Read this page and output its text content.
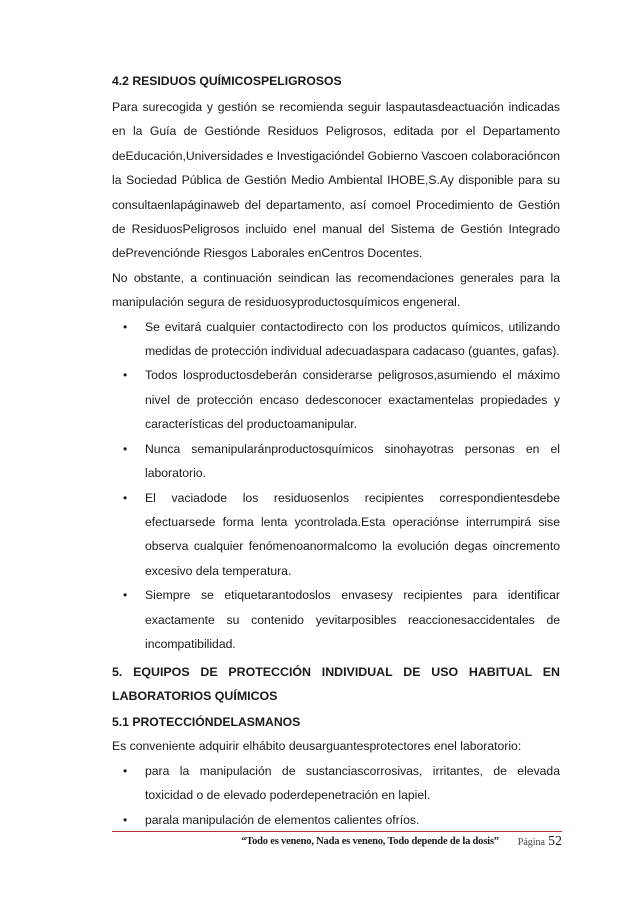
4.2 RESIDUOS QUÍMICOSPELIGROSOS

Para surecogida y gestión se recomienda seguir laspautasdeactuación indicadas en la Guía de Gestiónde Residuos Peligrosos, editada por el Departamento deEducación,Universidades e Investigacióndel Gobierno Vascoen colaboracióncon la Sociedad Pública de Gestión Medio Ambiental IHOBE,S.Ay disponible para su consultaenlapáginaweb del departamento, así comoel Procedimiento de Gestión de ResiduosPeligrosos incluido enel manual del Sistema de Gestión Integrado dePrevenciónde Riesgos Laborales enCentros Docentes.

No obstante, a continuación seindican las recomendaciones generales para la manipulación segura de residuosyproductosquímicos engeneral.

• Se evitará cualquier contactodirecto con los productos químicos, utilizando medidas de protección individual adecuadaspara cadacaso (guantes, gafas).
• Todos losproductosdeberán considerarse peligrosos,asumiendo el máximo nivel de protección encaso dedesconocer exactamentelas propiedades y características del productoamanipular.
• Nunca semanipularánproductosquímicos sinohayotras personas en el laboratorio.
• El vaciadode los residuosenlos recipientes correspondientesdebe efectuarsede forma lenta ycontrolada.Esta operaciónse interrumpirá sise observa cualquier fenómenoanormalcomo la evolución degas oincremento excesivo dela temperatura.
• Siempre se etiquetarantodoslos envasesy recipientes para identificar exactamente su contenido yevitarposibles reaccionesaccidentales de incompatibilidad.

5. EQUIPOS DE PROTECCIÓN INDIVIDUAL DE USO HABITUAL EN LABORATORIOS QUÍMICOS

5.1 PROTECCIÓNDELASMANOS

Es conveniente adquirir elhábito deusarguantesprotectores enel laboratorio:

• para la manipulación de sustanciascorrosivas, irritantes, de elevada toxicidad o de elevado poderdepenetración en lapiel.
• parala manipulación de elementos calientes ofríos.
“Todo es veneno, Nada es veneno, Todo depende de la dosis”	Página 52
